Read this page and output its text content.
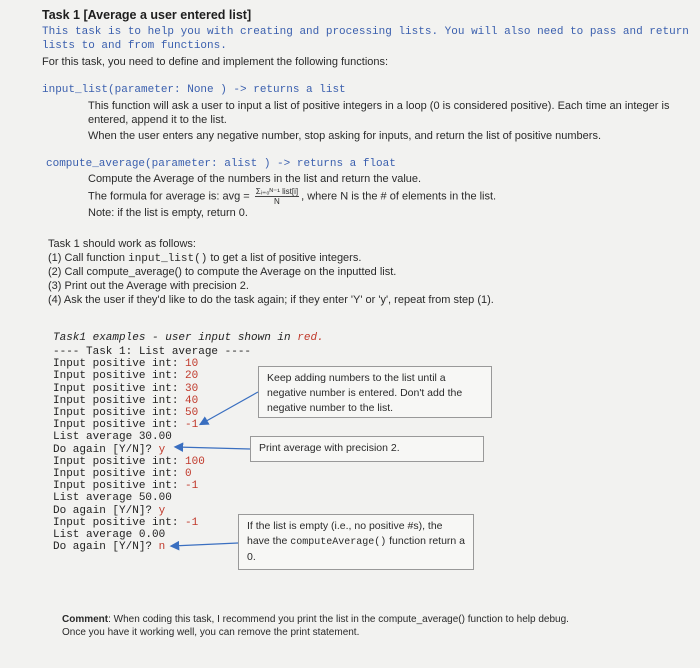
Task 1 [Average a user entered list]
This task is to help you with creating and processing lists. You will also need to pass and return
lists to and from functions.
For this task, you need to define and implement the following functions:
input_list(parameter: None ) -> returns a list
This function will ask a user to input a list of positive integers in a loop (0 is considered positive). Each time an integer is
entered, append it to the list.
When the user enters any negative number, stop asking for inputs, and return the list of positive numbers.
compute_average(parameter: alist ) -> returns a float
Compute the Average of the numbers in the list and return the value.
The formula for average is: avg = $\frac{\text{Σᵢ₌₀ᴺ⁻¹ list[i]}}{N}$ , where N is the # of elements in the list.
Note: if the list is empty, return 0.
Task 1 should work as follows:
(1) Call function input_list() to get a list of positive integers.
(2) Call compute_average() to compute the Average on the inputted list.
(3) Print out the Average with precision 2.
(4) Ask the user if they'd like to do the task again; if they enter 'Y' or 'y', repeat from step (1).
Task1 examples - user input shown in red.
---- Task 1: List average ----
Input positive int: 10
Input positive int: 20
Input positive int: 30
Input positive int: 40
Input positive int: 50
Input positive int: -1
List average 30.00
Do again [Y/N]? y
Input positive int: 100
Input positive int: 0
Input positive int: -1
List average 50.00
Do again [Y/N]? y
Input positive int: -1
List average 0.00
Do again [Y/N]? n
Keep adding numbers to the list until a negative number is entered. Don't add the negative number to the list.
Print average with precision 2.
If the list is empty (i.e., no positive #s), the have the computeAverage() function return a 0.
Comment: When coding this task, I recommend you print the list in the compute_average() function to help debug.
Once you have it working well, you can remove the print statement.
